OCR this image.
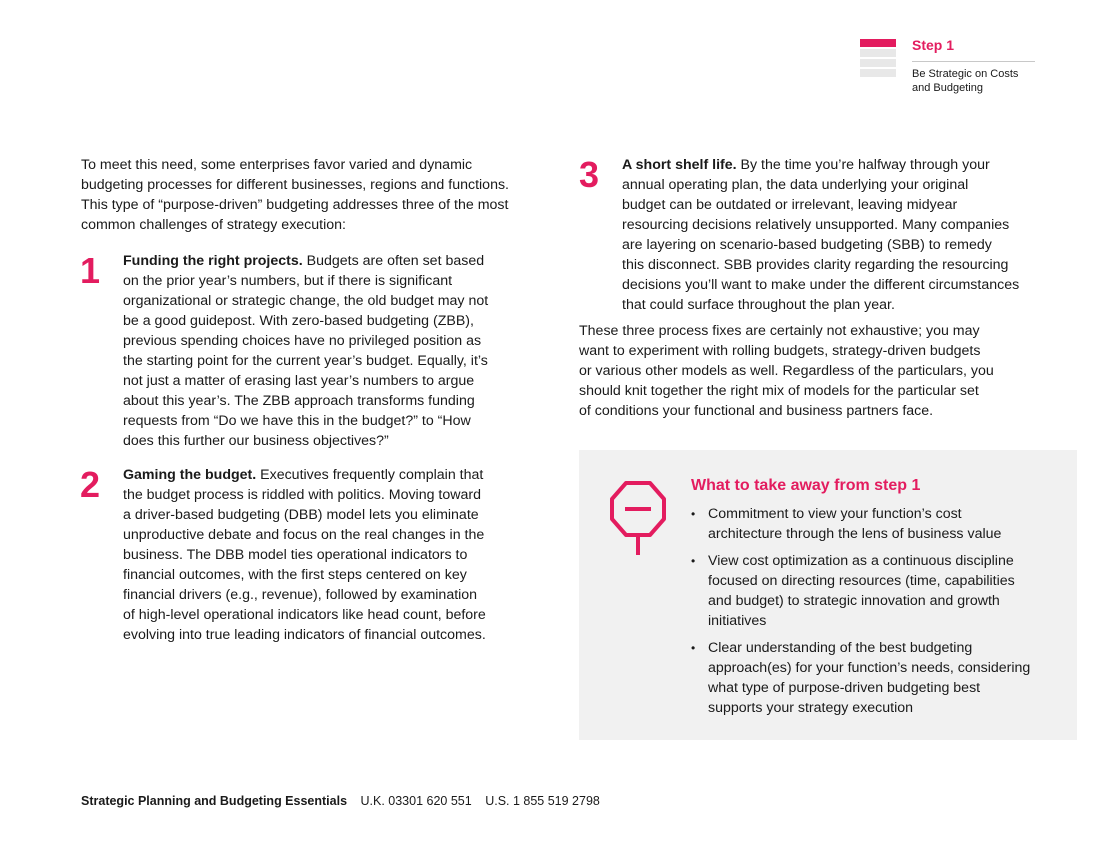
Step 1
Be Strategic on Costs
and Budgeting
To meet this need, some enterprises favor varied and dynamic
budgeting processes for different businesses, regions and functions.
This type of “purpose-driven” budgeting addresses three of the most
common challenges of strategy execution:
1 Funding the right projects. Budgets are often set based
on the prior year’s numbers, but if there is significant
organizational or strategic change, the old budget may not
be a good guidepost. With zero-based budgeting (ZBB),
previous spending choices have no privileged position as
the starting point for the current year’s budget. Equally, it’s
not just a matter of erasing last year’s numbers to argue
about this year’s. The ZBB approach transforms funding
requests from “Do we have this in the budget?” to “How
does this further our business objectives?”
2 Gaming the budget. Executives frequently complain that
the budget process is riddled with politics. Moving toward
a driver-based budgeting (DBB) model lets you eliminate
unproductive debate and focus on the real changes in the
business. The DBB model ties operational indicators to
financial outcomes, with the first steps centered on key
financial drivers (e.g., revenue), followed by examination
of high-level operational indicators like head count, before
evolving into true leading indicators of financial outcomes.
3 A short shelf life. By the time you’re halfway through your
annual operating plan, the data underlying your original
budget can be outdated or irrelevant, leaving midyear
resourcing decisions relatively unsupported. Many companies
are layering on scenario-based budgeting (SBB) to remedy
this disconnect. SBB provides clarity regarding the resourcing
decisions you’ll want to make under the different circumstances
that could surface throughout the plan year.
These three process fixes are certainly not exhaustive; you may
want to experiment with rolling budgets, strategy-driven budgets
or various other models as well. Regardless of the particulars, you
should knit together the right mix of models for the particular set
of conditions your functional and business partners face.
What to take away from step 1
• Commitment to view your function’s cost
architecture through the lens of business value
• View cost optimization as a continuous discipline
focused on directing resources (time, capabilities
and budget) to strategic innovation and growth
initiatives
• Clear understanding of the best budgeting
approach(es) for your function’s needs, considering
what type of purpose-driven budgeting best
supports your strategy execution
Strategic Planning and Budgeting Essentials U.K. 03301 620 551 U.S. 1 855 519 2798
